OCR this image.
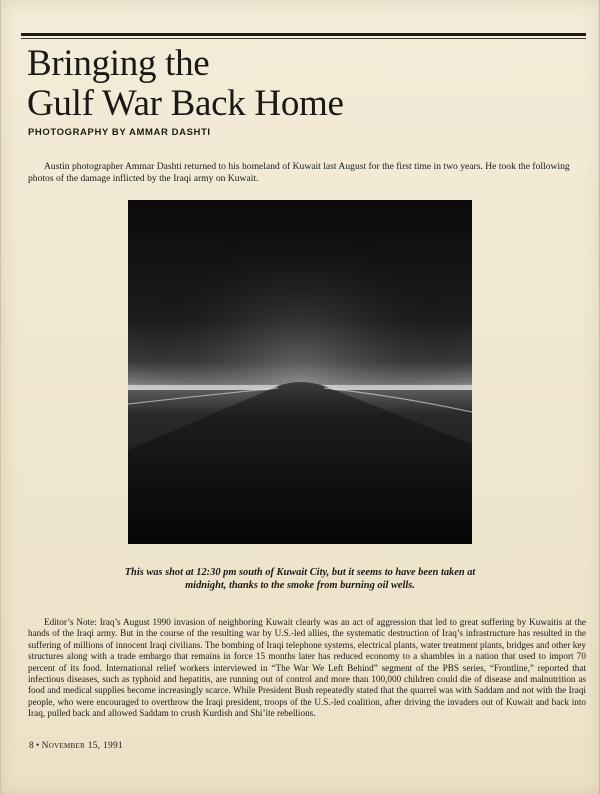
Bringing the
Gulf War Back Home
PHOTOGRAPHY BY AMMAR DASHTI

Austin photographer Ammar Dashti returned to his homeland of Kuwait last August for the first time in two years. He took the following photos of the damage inflicted by the Iraqi army on Kuwait.

This was shot at 12:30 pm south of Kuwait City, but it seems to have been taken at midnight, thanks to the smoke from burning oil wells.

Editor’s Note: Iraq’s August 1990 invasion of neighboring Kuwait clearly was an act of aggression that led to great suffering by Kuwaitis at the hands of the Iraqi army. But in the course of the resulting war by U.S.-led allies, the systematic destruction of Iraq’s infrastructure has resulted in the suffering of millions of innocent Iraqi civilians. The bombing of Iraqi telephone systems, electrical plants, water treatment plants, bridges and other key structures along with a trade embargo that remains in force 15 months later has reduced economy to a shambles in a nation that used to import 70 percent of its food. International relief workers interviewed in “The War We Left Behind” segment of the PBS series, “Frontline,” reported that infectious diseases, such as typhoid and hepatitis, are running out of control and more than 100,000 children could die of disease and malnutrition as food and medical supplies become increasingly scarce. While President Bush repeatedly stated that the quarrel was with Saddam and not with the Iraqi people, who were encouraged to overthrow the Iraqi president, troops of the U.S.-led coalition, after driving the invaders out of Kuwait and back into Iraq, pulled back and allowed Saddam to crush Kurdish and Shi’ite rebellions.

8 • November 15, 1991
